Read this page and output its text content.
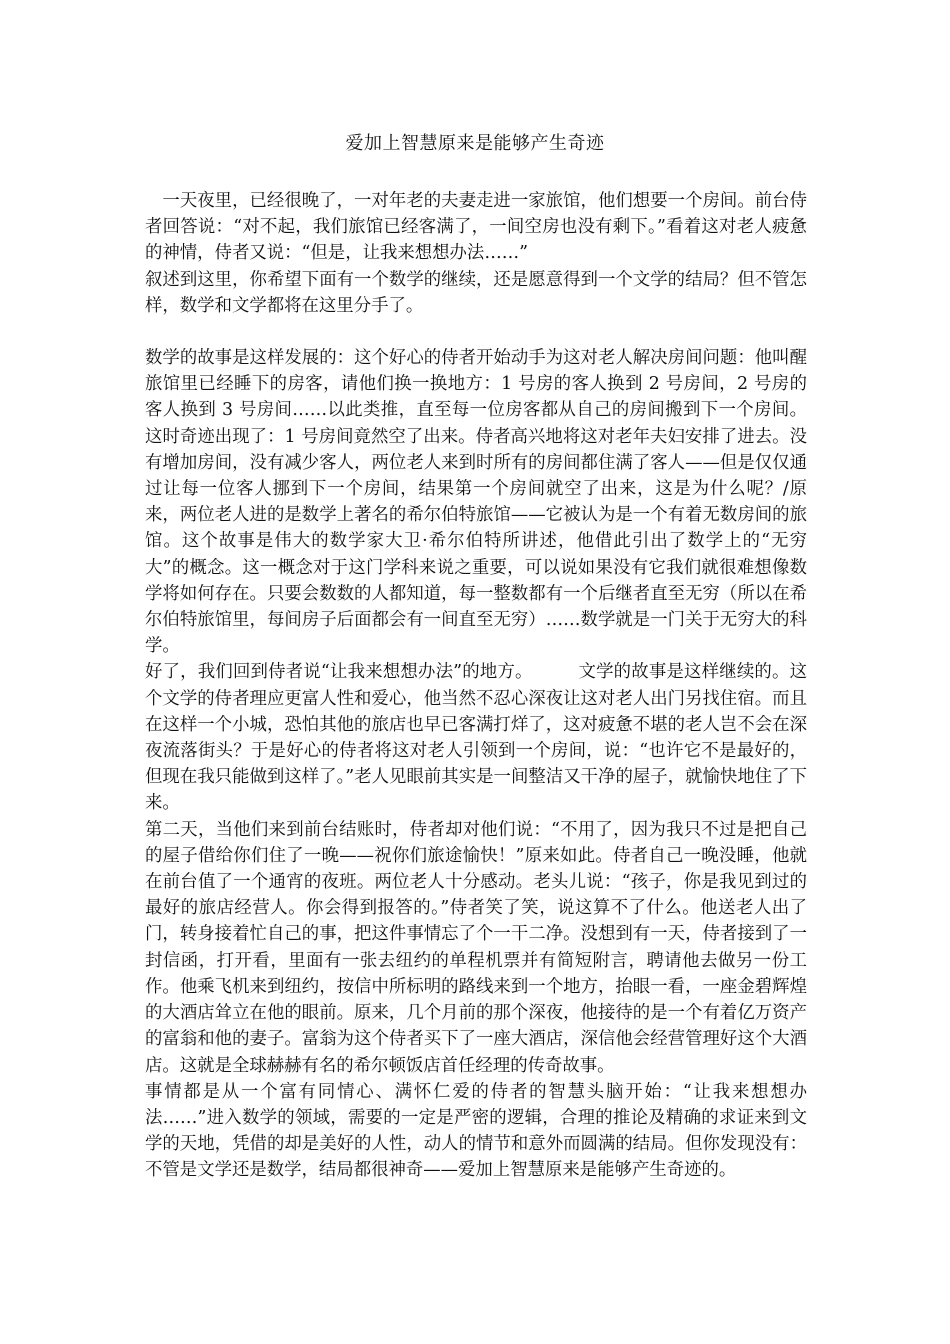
爱加上智慧原来是能够产生奇迹

一天夜里，已经很晚了，一对年老的夫妻走进一家旅馆，他们想要一个房间。前台侍者回答说：“对不起，我们旅馆已经客满了，一间空房也没有剩下。”看着这对老人疲惫的神情，侍者又说：“但是，让我来想想办法……”

叙述到这里，你希望下面有一个数学的继续，还是愿意得到一个文学的结局？但不管怎样，数学和文学都将在这里分手了。

数学的故事是这样发展的：这个好心的侍者开始动手为这对老人解决房间问题：他叫醒旅馆里已经睡下的房客，请他们换一换地方：1 号房的客人换到 2 号房间，2 号房的客人换到 3 号房间……以此类推，直至每一位房客都从自己的房间搬到下一个房间。这时奇迹出现了：1 号房间竟然空了出来。侍者高兴地将这对老年夫妇安排了进去。没有增加房间，没有减少客人，两位老人来到时所有的房间都住满了客人——但是仅仅通过让每一位客人挪到下一个房间，结果第一个房间就空了出来，这是为什么呢？/原来，两位老人进的是数学上著名的希尔伯特旅馆——它被认为是一个有着无数房间的旅馆。这个故事是伟大的数学家大卫·希尔伯特所讲述，他借此引出了数学上的“无穷大”的概念。这一概念对于这门学科来说之重要，可以说如果没有它我们就很难想像数学将如何存在。只要会数数的人都知道，每一整数都有一个后继者直至无穷（所以在希尔伯特旅馆里，每间房子后面都会有一间直至无穷）……数学就是一门关于无穷大的科学。

好了，我们回到侍者说“让我来想想办法”的地方。        文学的故事是这样继续的。这个文学的侍者理应更富人性和爱心，他当然不忍心深夜让这对老人出门另找住宿。而且在这样一个小城，恐怕其他的旅店也早已客满打烊了，这对疲惫不堪的老人岂不会在深夜流落街头？于是好心的侍者将这对老人引领到一个房间，说：“也许它不是最好的，但现在我只能做到这样了。”老人见眼前其实是一间整洁又干净的屋子，就愉快地住了下来。

第二天，当他们来到前台结账时，侍者却对他们说：“不用了，因为我只不过是把自己的屋子借给你们住了一晚——祝你们旅途愉快！”原来如此。侍者自己一晚没睡，他就在前台值了一个通宵的夜班。两位老人十分感动。老头儿说：“孩子，你是我见到过的最好的旅店经营人。你会得到报答的。”侍者笑了笑，说这算不了什么。他送老人出了门，转身接着忙自己的事，把这件事情忘了个一干二净。没想到有一天，侍者接到了一封信函，打开看，里面有一张去纽约的单程机票并有简短附言，聘请他去做另一份工作。他乘飞机来到纽约，按信中所标明的路线来到一个地方，抬眼一看，一座金碧辉煌的大酒店耸立在他的眼前。原来，几个月前的那个深夜，他接待的是一个有着亿万资产的富翁和他的妻子。富翁为这个侍者买下了一座大酒店，深信他会经营管理好这个大酒店。这就是全球赫赫有名的希尔顿饭店首任经理的传奇故事。

事情都是从一个富有同情心、满怀仁爱的侍者的智慧头脑开始：“让我来想想办法……”进入数学的领域，需要的一定是严密的逻辑，合理的推论及精确的求证来到文学的天地，凭借的却是美好的人性，动人的情节和意外而圆满的结局。但你发现没有：不管是文学还是数学，结局都很神奇——爱加上智慧原来是能够产生奇迹的。
